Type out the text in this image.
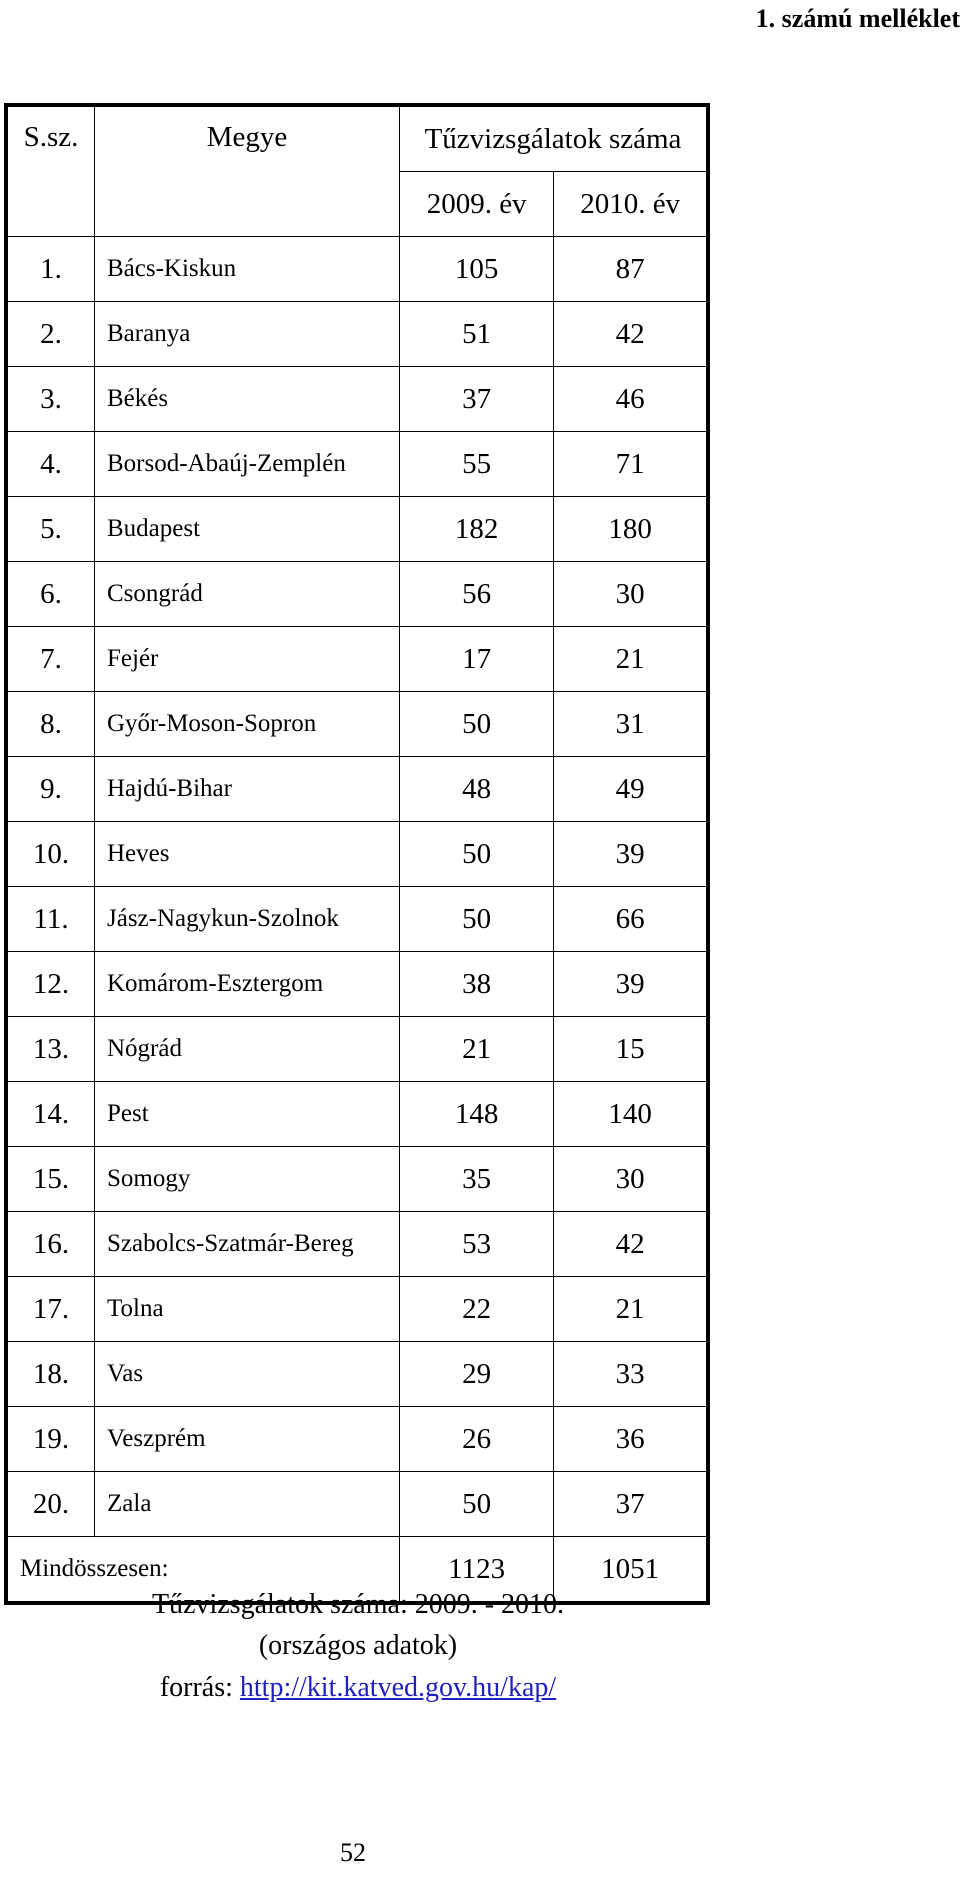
1. számú melléklet
S.sz.	Megye	Tűzvizsgálatok száma	
		2009. év	2010. év
1.	Bács-Kiskun	105	87
2.	Baranya	51	42
3.	Békés	37	46
4.	Borsod-Abaúj-Zemplén	55	71
5.	Budapest	182	180
6.	Csongrád	56	30
7.	Fejér	17	21
8.	Győr-Moson-Sopron	50	31
9.	Hajdú-Bihar	48	49
10.	Heves	50	39
11.	Jász-Nagykun-Szolnok	50	66
12.	Komárom-Esztergom	38	39
13.	Nógrád	21	15
14.	Pest	148	140
15.	Somogy	35	30
16.	Szabolcs-Szatmár-Bereg	53	42
17.	Tolna	22	21
18.	Vas	29	33
19.	Veszprém	26	36
20.	Zala	50	37
Mindösszesen:		1123	1051
Tűzvizsgálatok száma: 2009. - 2010.
(országos adatok)
forrás: http://kit.katved.gov.hu/kap/
52
